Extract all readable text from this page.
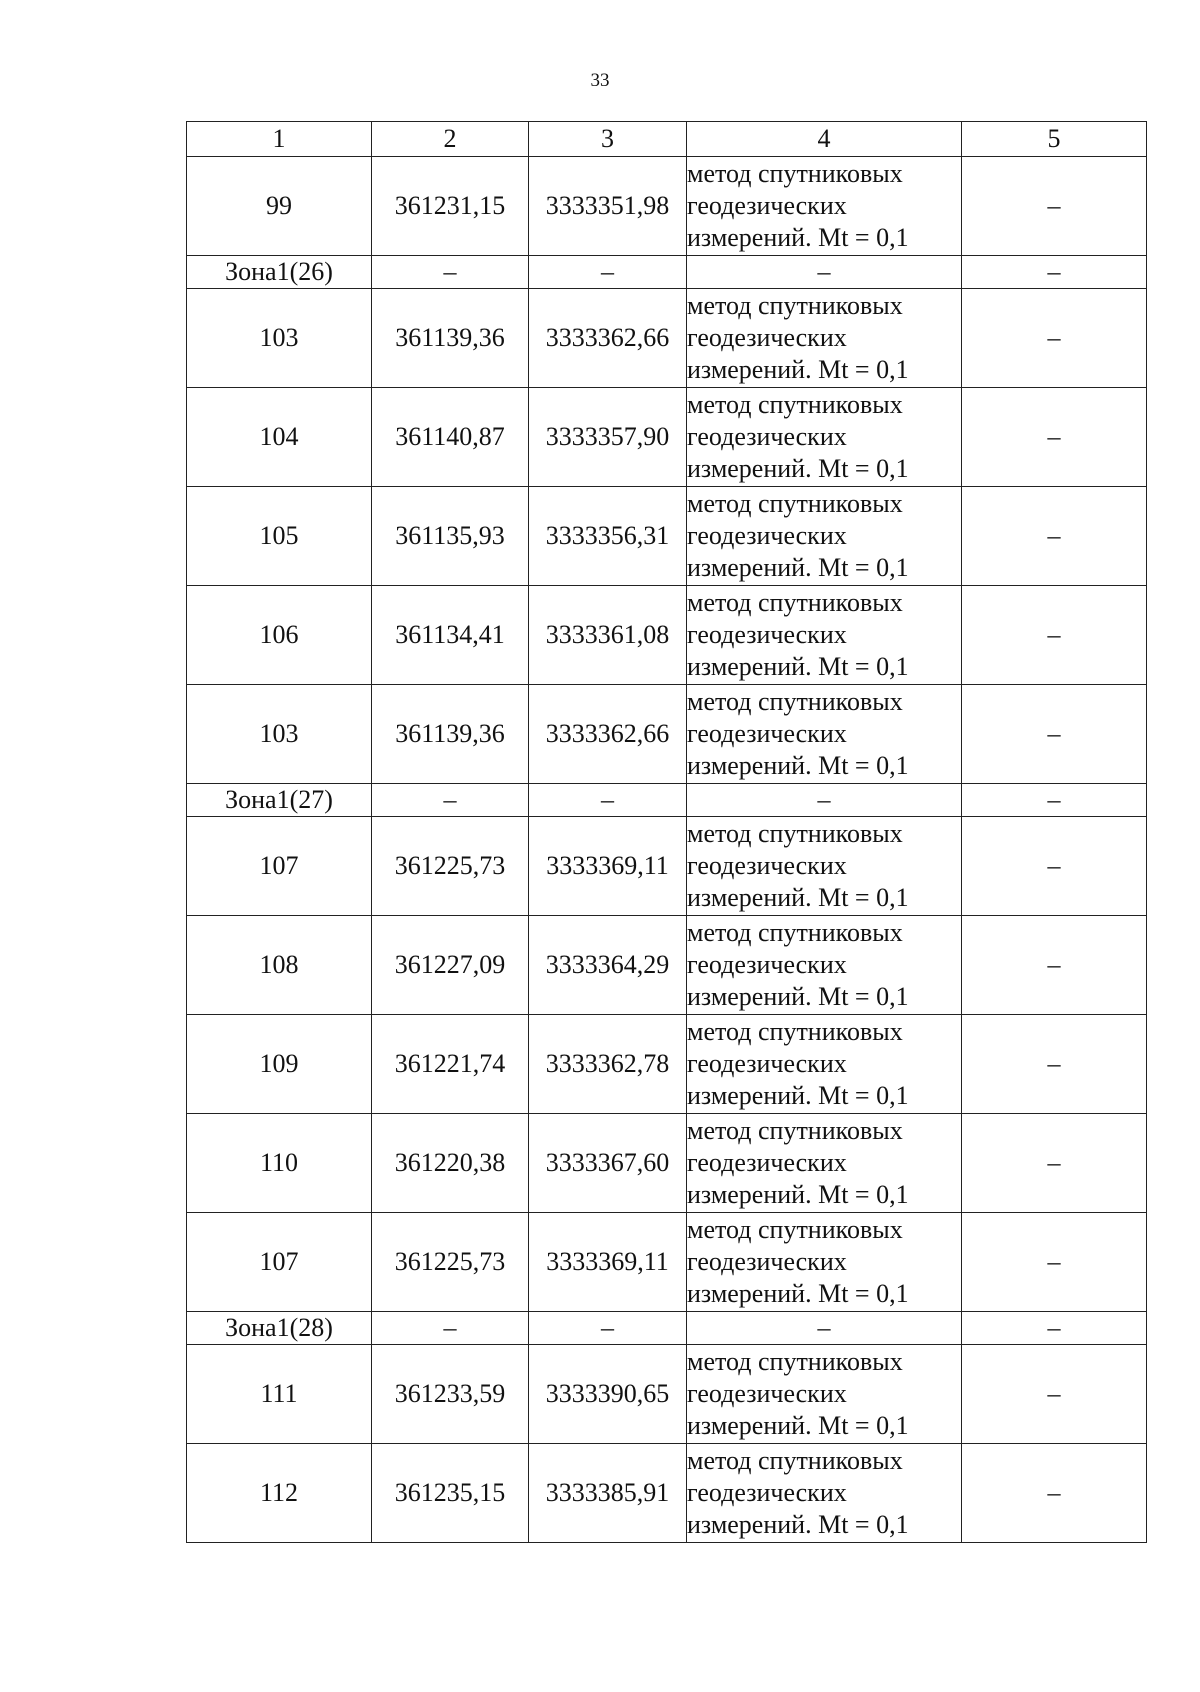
33
1	2	3	4	5
99	361231,15	3333351,98	метод спутниковых
геодезических
измерений. Mt = 0,1	–
Зона1(26)	–	–	–	–
103	361139,36	3333362,66	метод спутниковых
геодезических
измерений. Mt = 0,1	–
104	361140,87	3333357,90	метод спутниковых
геодезических
измерений. Mt = 0,1	–
105	361135,93	3333356,31	метод спутниковых
геодезических
измерений. Mt = 0,1	–
106	361134,41	3333361,08	метод спутниковых
геодезических
измерений. Mt = 0,1	–
103	361139,36	3333362,66	метод спутниковых
геодезических
измерений. Mt = 0,1	–
Зона1(27)	–	–	–	–
107	361225,73	3333369,11	метод спутниковых
геодезических
измерений. Mt = 0,1	–
108	361227,09	3333364,29	метод спутниковых
геодезических
измерений. Mt = 0,1	–
109	361221,74	3333362,78	метод спутниковых
геодезических
измерений. Mt = 0,1	–
110	361220,38	3333367,60	метод спутниковых
геодезических
измерений. Mt = 0,1	–
107	361225,73	3333369,11	метод спутниковых
геодезических
измерений. Mt = 0,1	–
Зона1(28)	–	–	–	–
111	361233,59	3333390,65	метод спутниковых
геодезических
измерений. Mt = 0,1	–
112	361235,15	3333385,91	метод спутниковых
геодезических
измерений. Mt = 0,1	–
